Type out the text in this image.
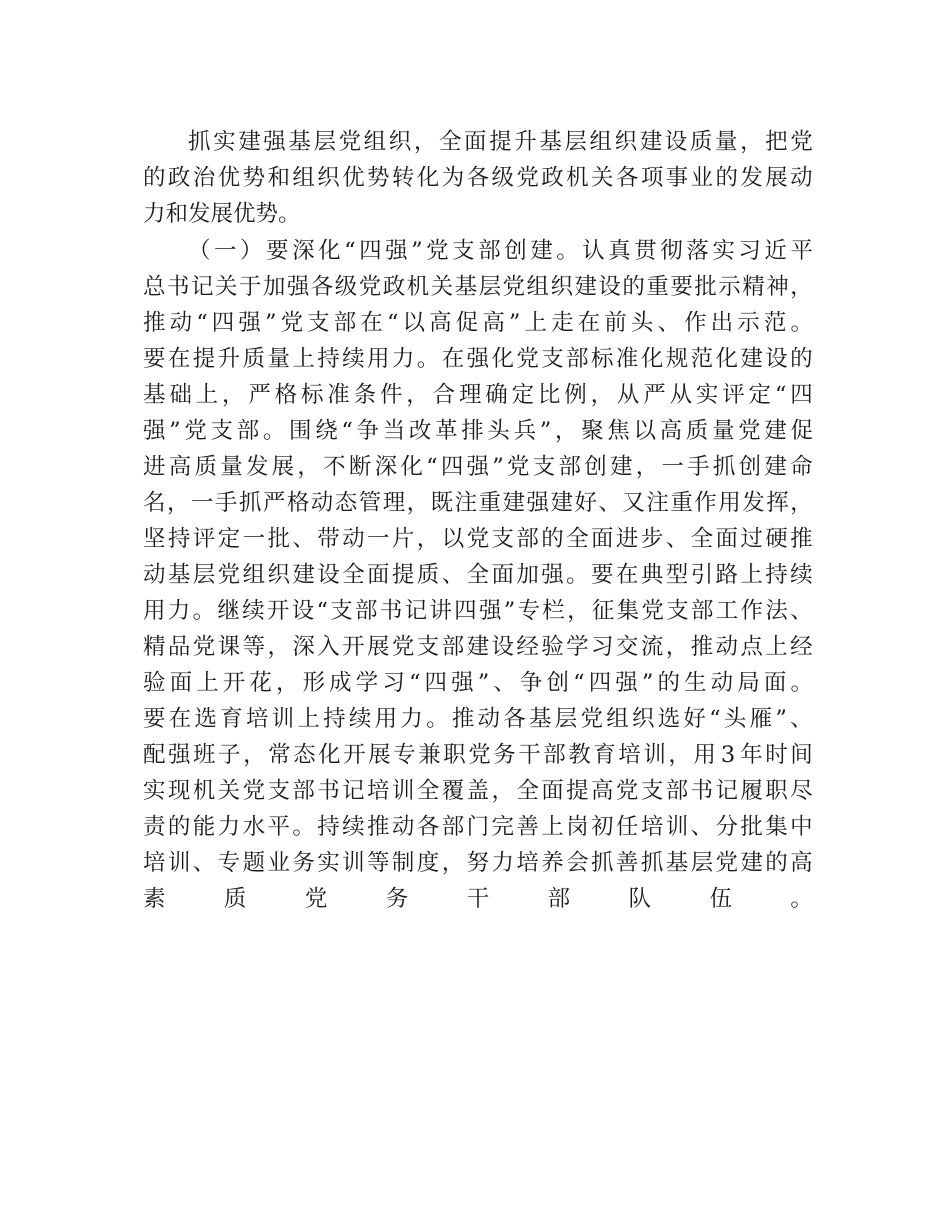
抓 实 建 强 基 层 党 组 织 ， 全 面 提 升 基 层 组 织 建 设 质 量 ， 把 党
的 政 治 优 势 和 组 织 优 势 转 化 为 各 级 党 政 机 关 各 项 事 业 的 发 展 动
力和发展优势。
（ 一 ） 要 深 化 “ 四 强 ” 党 支 部 创 建 。 认 真 贯 彻 落 实 习 近 平
总 书 记 关 于 加 强 各 级 党 政 机 关 基 层 党 组 织 建 设 的 重 要 批 示 精 神 ，
推 动 “ 四 强 ” 党 支 部 在 “ 以 高 促 高 ” 上 走 在 前 头 、 作 出 示 范 。
要 在 提 升 质 量 上 持 续 用 力 。 在 强 化 党 支 部 标 准 化 规 范 化 建 设 的
基 础 上 ， 严 格 标 准 条 件 ， 合 理 确 定 比 例 ， 从 严 从 实 评 定 “ 四
强 ” 党 支 部 。 围 绕 “ 争 当 改 革 排 头 兵 ” ， 聚 焦 以 高 质 量 党 建 促
进 高 质 量 发 展 ， 不 断 深 化 “ 四 强 ” 党 支 部 创 建 ， 一 手 抓 创 建 命
名 ， 一 手 抓 严 格 动 态 管 理 ， 既 注 重 建 强 建 好 、 又 注 重 作 用 发 挥 ，
坚 持 评 定 一 批 、 带 动 一 片 ， 以 党 支 部 的 全 面 进 步 、 全 面 过 硬 推
动 基 层 党 组 织 建 设 全 面 提 质 、 全 面 加 强 。 要 在 典 型 引 路 上 持 续
用 力 。 继 续 开 设 “ 支 部 书 记 讲 四 强 ” 专 栏 ， 征 集 党 支 部 工 作 法 、
精 品 党 课 等 ， 深 入 开 展 党 支 部 建 设 经 验 学 习 交 流 ， 推 动 点 上 经
验 面 上 开 花 ， 形 成 学 习 “ 四 强 ” 、 争 创 “ 四 强 ” 的 生 动 局 面 。
要 在 选 育 培 训 上 持 续 用 力 。 推 动 各 基 层 党 组 织 选 好 “ 头 雁 ” 、
配 强 班 子 ， 常 态 化 开 展 专 兼 职 党 务 干 部 教 育 培 训 ， 用 3 年 时 间
实 现 机 关 党 支 部 书 记 培 训 全 覆 盖 ， 全 面 提 高 党 支 部 书 记 履 职 尽
责 的 能 力 水 平 。 持 续 推 动 各 部 门 完 善 上 岗 初 任 培 训 、 分 批 集 中
培 训 、 专 题 业 务 实 训 等 制 度 ， 努 力 培 养 会 抓 善 抓 基 层 党 建 的 高
素	质	党	务	干	部	队	伍	。
